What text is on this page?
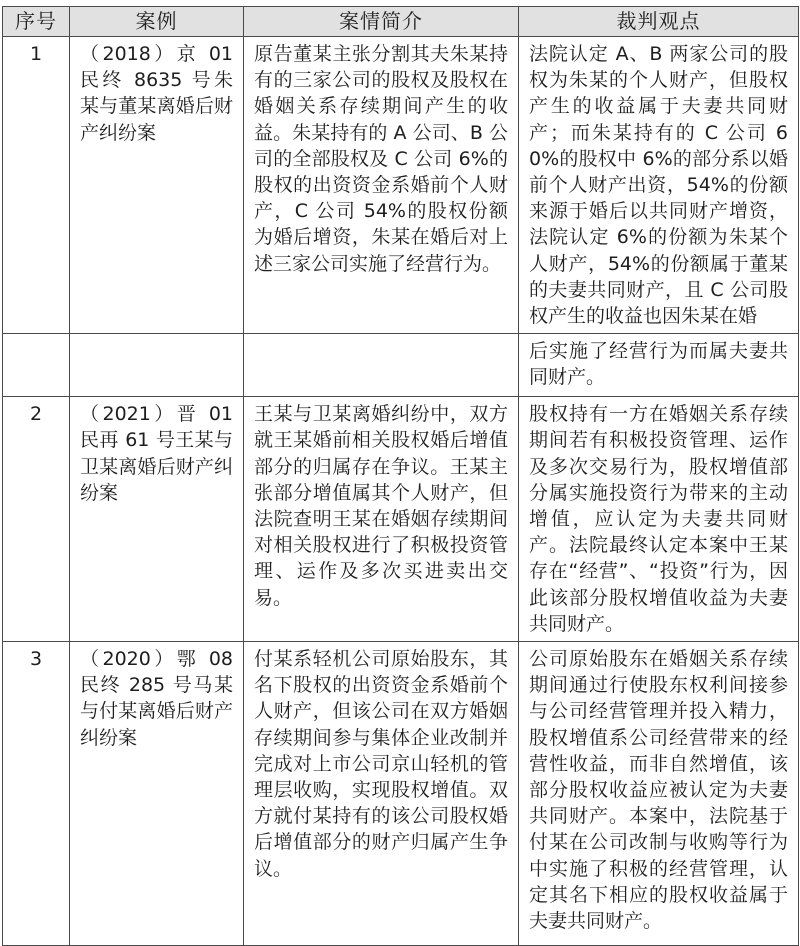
序号	案例	案情简介	裁判观点
1	（2018）京 01 民终 8635 号朱某与董某离婚后财产纠纷案	原告董某主张分割其夫朱某持有的三家公司的股权及股权在婚姻关系存续期间产生的收益。朱某持有的 A 公司、B 公司的全部股权及 C 公司 6%的股权的出资资金系婚前个人财产，C 公司 54%的股权份额为婚后增资，朱某在婚后对上述三家公司实施了经营行为。	法院认定 A、B 两家公司的股权为朱某的个人财产，但股权产生的收益属于夫妻共同财产；而朱某持有的 C 公司 60%的股权中 6%的部分系以婚前个人财产出资，54%的份额来源于婚后以共同财产增资，法院认定 6%的份额为朱某个人财产，54%的份额属于董某的夫妻共同财产，且 C 公司股权产生的收益也因朱某在婚
			后实施了经营行为而属夫妻共同财产。
2	（2021）晋 01 民再 61 号王某与卫某离婚后财产纠纷案	王某与卫某离婚纠纷中，双方就王某婚前相关股权婚后增值部分的归属存在争议。王某主张部分增值属其个人财产，但法院查明王某在婚姻存续期间对相关股权进行了积极投资管理、运作及多次买进卖出交易。	股权持有一方在婚姻关系存续期间若有积极投资管理、运作及多次交易行为，股权增值部分属实施投资行为带来的主动增值，应认定为夫妻共同财产。法院最终认定本案中王某存在“经营”、“投资”行为，因此该部分股权增值收益为夫妻共同财产。
3	（2020）鄂 08 民终 285 号马某与付某离婚后财产纠纷案	付某系轻机公司原始股东，其名下股权的出资资金系婚前个人财产，但该公司在双方婚姻存续期间参与集体企业改制并完成对上市公司京山轻机的管理层收购，实现股权增值。双方就付某持有的该公司股权婚后增值部分的财产归属产生争议。	公司原始股东在婚姻关系存续期间通过行使股东权利间接参与公司经营管理并投入精力，股权增值系公司经营带来的经营性收益，而非自然增值，该部分股权收益应被认定为夫妻共同财产。本案中，法院基于付某在公司改制与收购等行为中实施了积极的经营管理，认定其名下相应的股权收益属于夫妻共同财产。
